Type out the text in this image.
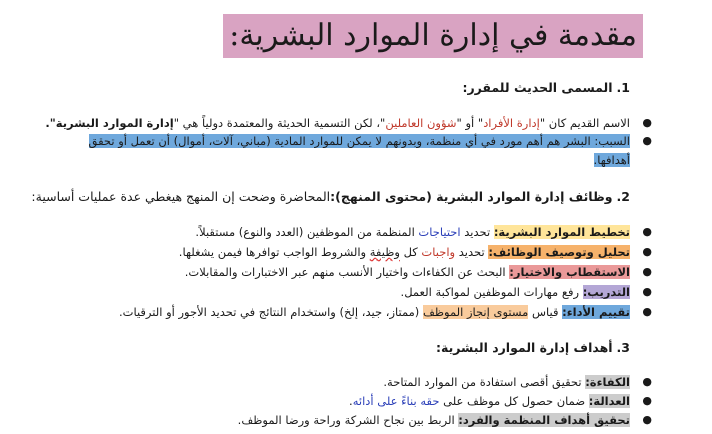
مقدمة في إدارة الموارد البشرية:
1.المسمى الحديث للمقرر:
●
الاسم القديم كان "إدارة الأفراد" أو "شؤون العاملين"، لكن التسمية الحديثة والمعتمدة دولياً هي "إدارة الموارد البشرية".
●
السبب: البشر هم أهم مورد في أي منظمة، وبدونهم لا يمكن للموارد المادية (مباني، آلات، أموال) أن تعمل أو تحقق
أهدافها.
2.وظائف إدارة الموارد البشرية (محتوى المنهج):المحاضرة وضحت إن المنهج هيغطي عدة عمليات أساسية:
●
تخطيط الموارد البشرية: تحديد احتياجات المنظمة من الموظفين (العدد والنوع) مستقبلاً.
●
تحليل وتوصيف الوظائف: تحديد واجبات كل وظيفة والشروط الواجب توافرها فيمن يشغلها.
●
الاستقطاب والاختيار: البحث عن الكفاءات واختيار الأنسب منهم عبر الاختبارات والمقابلات.
●
التدريب: رفع مهارات الموظفين لمواكبة العمل.
●
تقييم الأداء: قياس مستوى إنجاز الموظف (ممتاز، جيد، إلخ) واستخدام النتائج في تحديد الأجور أو الترقيات.
3.أهداف إدارة الموارد البشرية:
●
الكفاءة: تحقيق أقصى استفادة من الموارد المتاحة.
●
العدالة: ضمان حصول كل موظف على حقه بناءً على أدائه.
●
تحقيق أهداف المنظمة والفرد: الربط بين نجاح الشركة وراحة ورضا الموظف.
